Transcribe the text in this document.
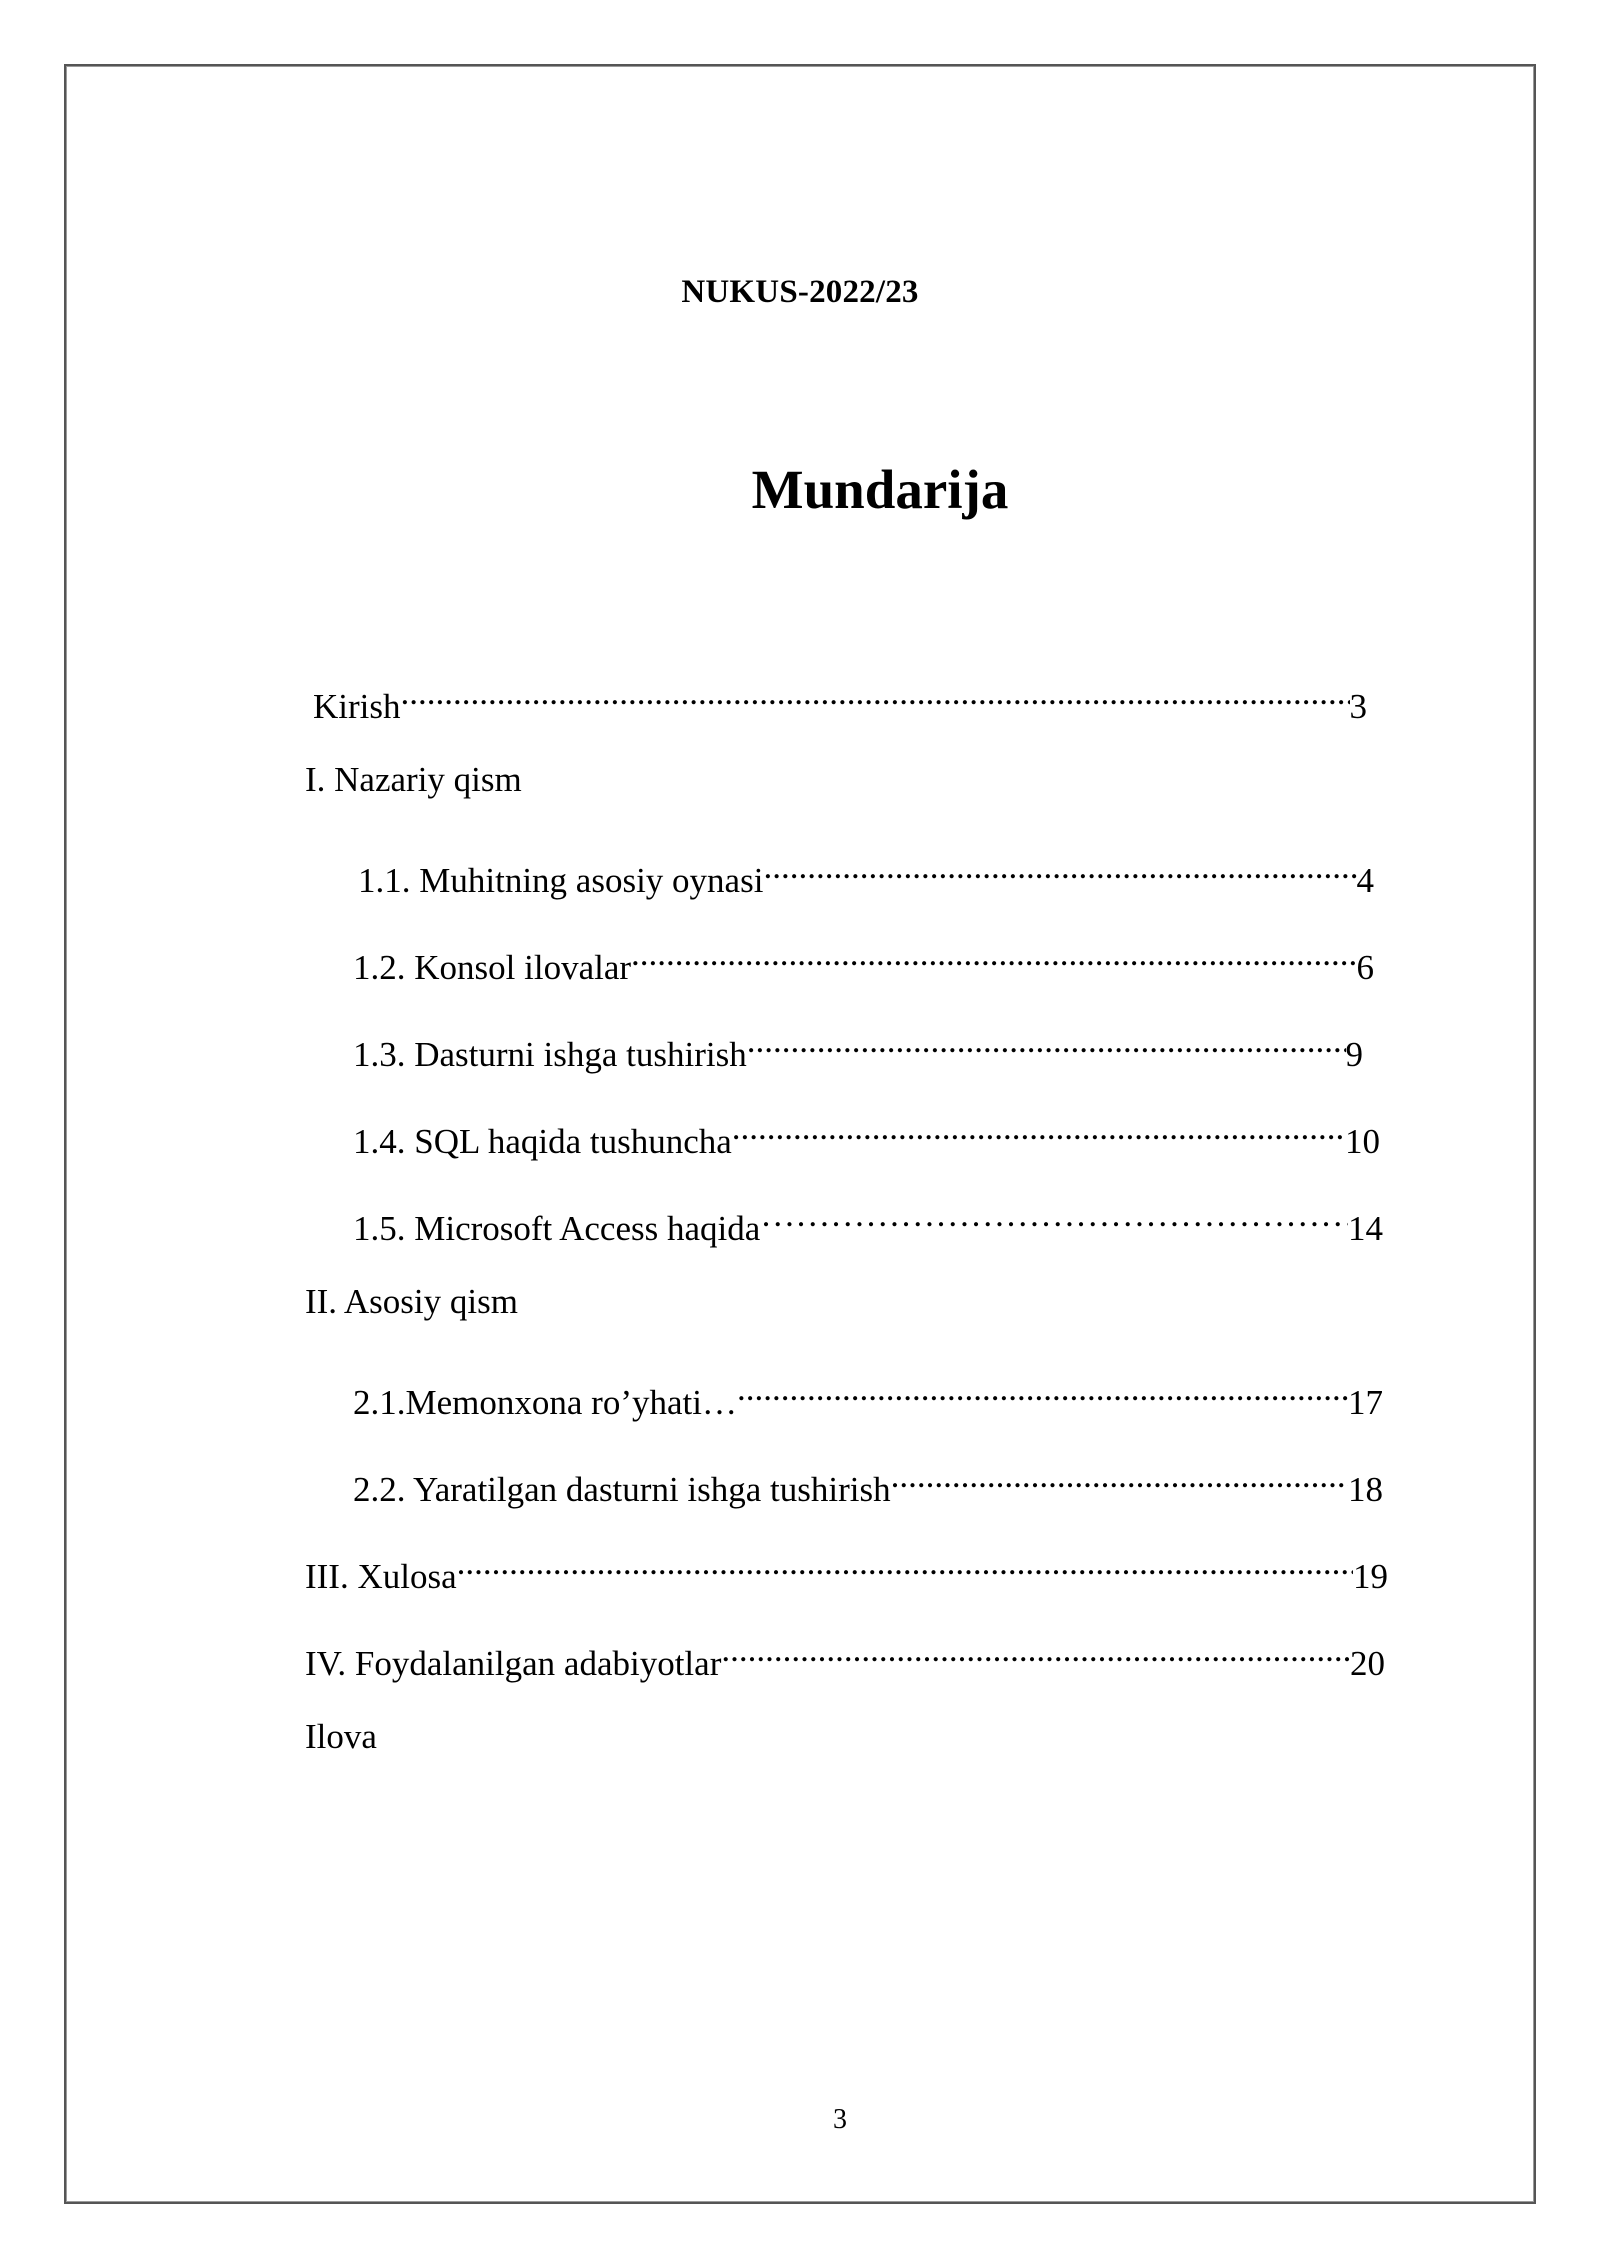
NUKUS-2022/23
Mundarija
Kirish .....	3
I. Nazariy qism
1.1. Muhitning asosiy oynasi .....	4
1.2. Konsol ilovalar .....	6
1.3. Dasturni ishga tushirish .....	9
1.4. SQL haqida tushuncha .....	10
1.5. Microsoft Access haqida …………………………………………………………………………………………………………………………	14
II. Asosiy qism
2.1.Memonxona ro’yhati… .....	17
2.2. Yaratilgan dasturni ishga tushirish .....	18
III. Xulosa .....	19
IV. Foydalanilgan adabiyotlar .....	20
Ilova
3
